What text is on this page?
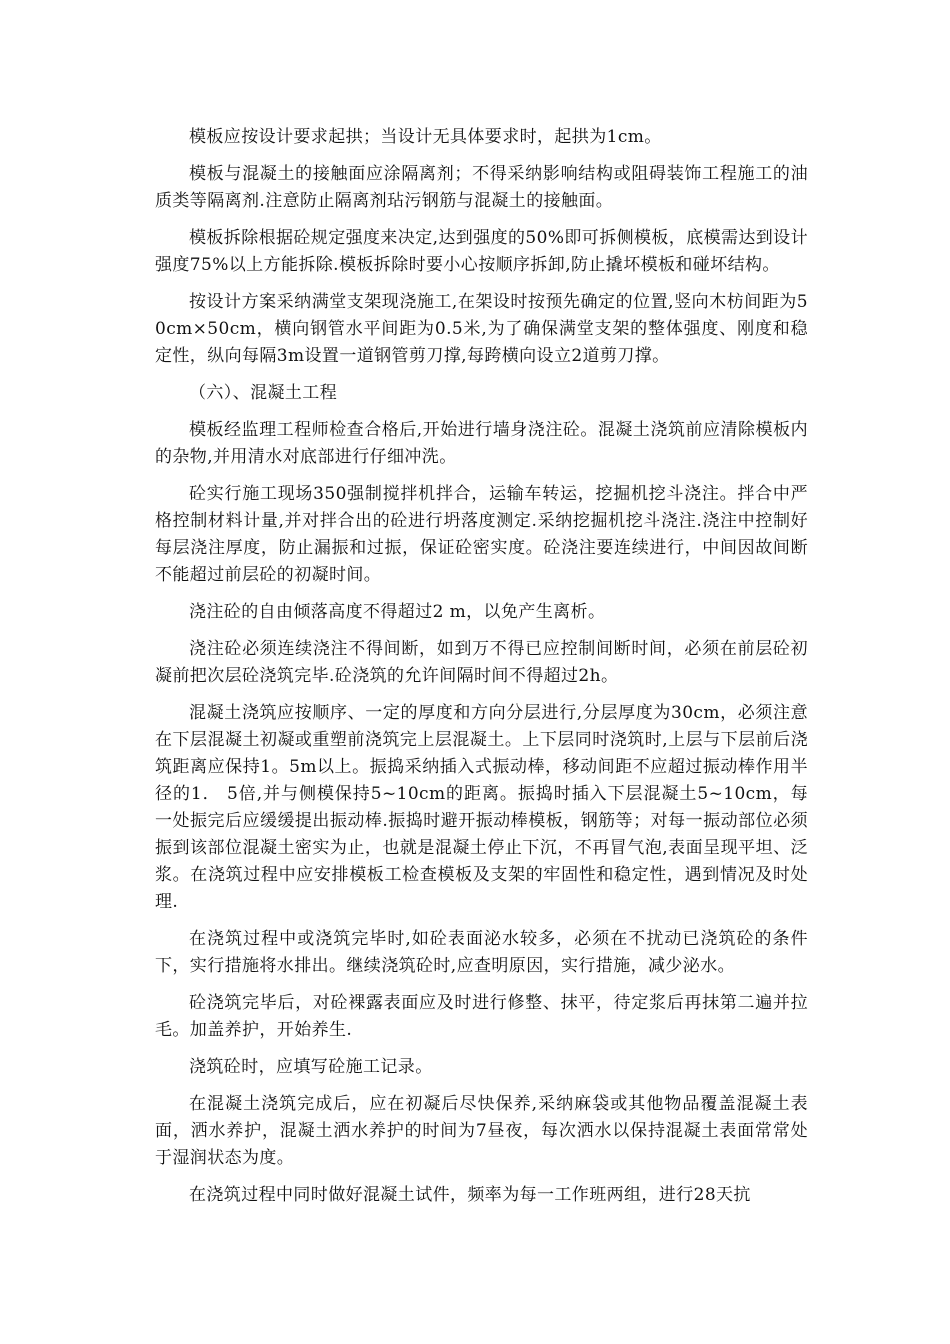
模板应按设计要求起拱；当设计无具体要求时，起拱为1cm。

模板与混凝土的接触面应涂隔离剂；不得采纳影响结构或阻碍装饰工程施工的油质类等隔离剂.注意防止隔离剂玷污钢筋与混凝土的接触面。

模板拆除根据砼规定强度来决定,达到强度的50%即可拆侧模板，底模需达到设计强度75%以上方能拆除.模板拆除时要小心按顺序拆卸,防止撬坏模板和碰坏结构。

按设计方案采纳满堂支架现浇施工,在架设时按预先确定的位置,竖向木枋间距为50cm×50cm，横向钢管水平间距为0.5米,为了确保满堂支架的整体强度、刚度和稳定性，纵向每隔3m设置一道钢管剪刀撑,每跨横向设立2道剪刀撑。

（六）、混凝土工程

模板经监理工程师检查合格后,开始进行墙身浇注砼。混凝土浇筑前应清除模板内的杂物,并用清水对底部进行仔细冲洗。

砼实行施工现场350强制搅拌机拌合，运输车转运，挖掘机挖斗浇注。拌合中严格控制材料计量,并对拌合出的砼进行坍落度测定.采纳挖掘机挖斗浇注.浇注中控制好每层浇注厚度，防止漏振和过振，保证砼密实度。砼浇注要连续进行，中间因故间断不能超过前层砼的初凝时间。

浇注砼的自由倾落高度不得超过2 m，以免产生离析。

浇注砼必须连续浇注不得间断，如到万不得已应控制间断时间，必须在前层砼初凝前把次层砼浇筑完毕.砼浇筑的允许间隔时间不得超过2h。

混凝土浇筑应按顺序、一定的厚度和方向分层进行,分层厚度为30cm，必须注意在下层混凝土初凝或重塑前浇筑完上层混凝土。上下层同时浇筑时,上层与下层前后浇筑距离应保持1。5m以上。振捣采纳插入式振动棒，移动间距不应超过振动棒作用半径的1． 5倍,并与侧模保持5~10cm的距离。振捣时插入下层混凝土5~10cm，每一处振完后应缓缓提出振动棒.振捣时避开振动棒模板，钢筋等；对每一振动部位必须振到该部位混凝土密实为止，也就是混凝土停止下沉，不再冒气泡,表面呈现平坦、泛浆。在浇筑过程中应安排模板工检查模板及支架的牢固性和稳定性，遇到情况及时处理.

在浇筑过程中或浇筑完毕时,如砼表面泌水较多，必须在不扰动已浇筑砼的条件下，实行措施将水排出。继续浇筑砼时,应查明原因，实行措施，减少泌水。

砼浇筑完毕后，对砼裸露表面应及时进行修整、抹平，待定浆后再抹第二遍并拉毛。加盖养护，开始养生.

浇筑砼时，应填写砼施工记录。

在混凝土浇筑完成后，应在初凝后尽快保养,采纳麻袋或其他物品覆盖混凝土表面，洒水养护，混凝土洒水养护的时间为7昼夜，每次洒水以保持混凝土表面常常处于湿润状态为度。

在浇筑过程中同时做好混凝土试件，频率为每一工作班两组，进行28天抗
